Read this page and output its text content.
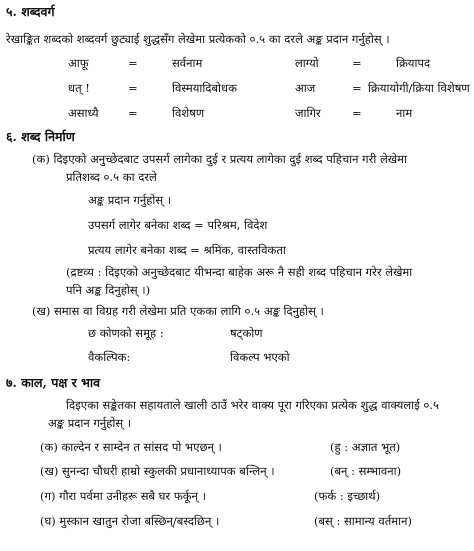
५. शब्दवर्ग
रेखाङ्कित शब्दको शब्दवर्ग छुट्याई शुद्धसँग लेखेमा प्रत्येकको ०.५ का दरले अङ्क प्रदान गर्नुहोस् ।
आफू	=	सर्वनाम	लाग्यो	=	क्रियापद
धत् !	=	विस्मयादिबोधक	आज	= क्रियायोगी/क्रिया विशेषण
असाध्यै	=	विशेषण	जागिर	=	नाम
६. शब्द निर्माण
(क) दिइएको अनुच्छेदबाट उपसर्ग लागेका दुई र प्रत्यय लागेका दुई शब्द पहिचान गरी लेखेमा
प्रतिशब्द ०.५ का दरले
अङ्क प्रदान गर्नुहोस् ।
उपसर्ग लागेर बनेका शब्द = परिश्रम, विदेश
प्रत्यय लागेर बनेका शब्द = श्रमिक, वास्तविकता
(द्रष्टव्य : दिइएको अनुच्छेदबाट यीभन्दा बाहेक अरू नै सही शब्द पहिचान गरेर लेखेमा
पनि अङ्क दिनुहोस् ।)
(ख) समास वा विग्रह गरी लेखेमा प्रति एकका लागि ०.५ अङ्क दिनुहोस् ।
छ कोणको समूह :	षट्कोण
वैकल्पिक:	विकल्प भएको
७. काल, पक्ष र भाव
दिइएका सङ्केतका सहायताले खाली ठाउँ भरेर वाक्य पूरा गरिएका प्रत्येक शुद्ध वाक्यलाई ०.५
अङ्क प्रदान गर्नुहोस् ।
(क) काल्देन र साम्देन त सांसद पो भएछन् ।	(हु : अज्ञात भूत)
(ख) सुनन्दा चौधरी हाम्रो स्कुलकी प्रधानाध्यापक बन्लिन् ।	(बन् : सम्भावना)
(ग) गौरा पर्वमा उनीहरू सबै घर फर्कून् ।	(फर्क : इच्छार्थ)
(घ) मुस्कान खातुन रोजा बस्छिन्/बस्दछिन् ।	(बस् : सामान्य वर्तमान)
